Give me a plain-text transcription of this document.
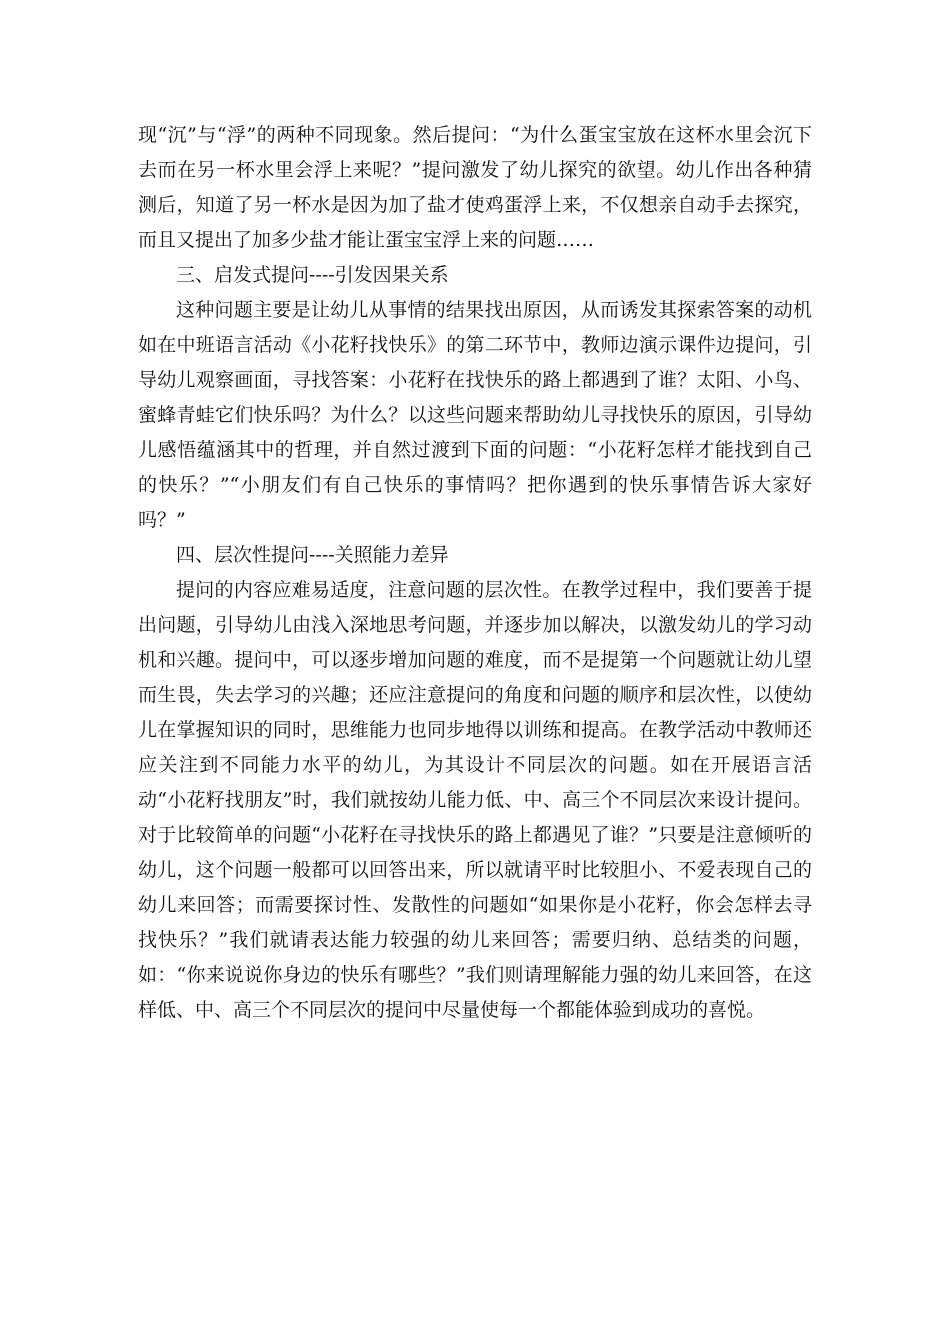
现“沉”与“浮”的两种不同现象。然后提问：“为什么蛋宝宝放在这杯水里会沉下去而在另一杯水里会浮上来呢？”提问激发了幼儿探究的欲望。幼儿作出各种猜测后，知道了另一杯水是因为加了盐才使鸡蛋浮上来，不仅想亲自动手去探究，而且又提出了加多少盐才能让蛋宝宝浮上来的问题……

三、启发式提问----引发因果关系

这种问题主要是让幼儿从事情的结果找出原因，从而诱发其探索答案的动机如在中班语言活动《小花籽找快乐》的第二环节中，教师边演示课件边提问，引导幼儿观察画面，寻找答案：小花籽在找快乐的路上都遇到了谁？太阳、小鸟、蜜蜂青蛙它们快乐吗？为什么？以这些问题来帮助幼儿寻找快乐的原因，引导幼儿感悟蕴涵其中的哲理，并自然过渡到下面的问题：“小花籽怎样才能找到自己的快乐？”“小朋友们有自己快乐的事情吗？把你遇到的快乐事情告诉大家好吗？”

四、层次性提问----关照能力差异

提问的内容应难易适度，注意问题的层次性。在教学过程中，我们要善于提出问题，引导幼儿由浅入深地思考问题，并逐步加以解决，以激发幼儿的学习动机和兴趣。提问中，可以逐步增加问题的难度，而不是提第一个问题就让幼儿望而生畏，失去学习的兴趣；还应注意提问的角度和问题的顺序和层次性，以使幼儿在掌握知识的同时，思维能力也同步地得以训练和提高。在教学活动中教师还应关注到不同能力水平的幼儿，为其设计不同层次的问题。如在开展语言活动“小花籽找朋友”时，我们就按幼儿能力低、中、高三个不同层次来设计提问。对于比较简单的问题“小花籽在寻找快乐的路上都遇见了谁？”只要是注意倾听的幼儿，这个问题一般都可以回答出来，所以就请平时比较胆小、不爱表现自己的幼儿来回答；而需要探讨性、发散性的问题如“如果你是小花籽，你会怎样去寻找快乐？”我们就请表达能力较强的幼儿来回答；需要归纳、总结类的问题，如：“你来说说你身边的快乐有哪些？”我们则请理解能力强的幼儿来回答，在这样低、中、高三个不同层次的提问中尽量使每一个都能体验到成功的喜悦。
